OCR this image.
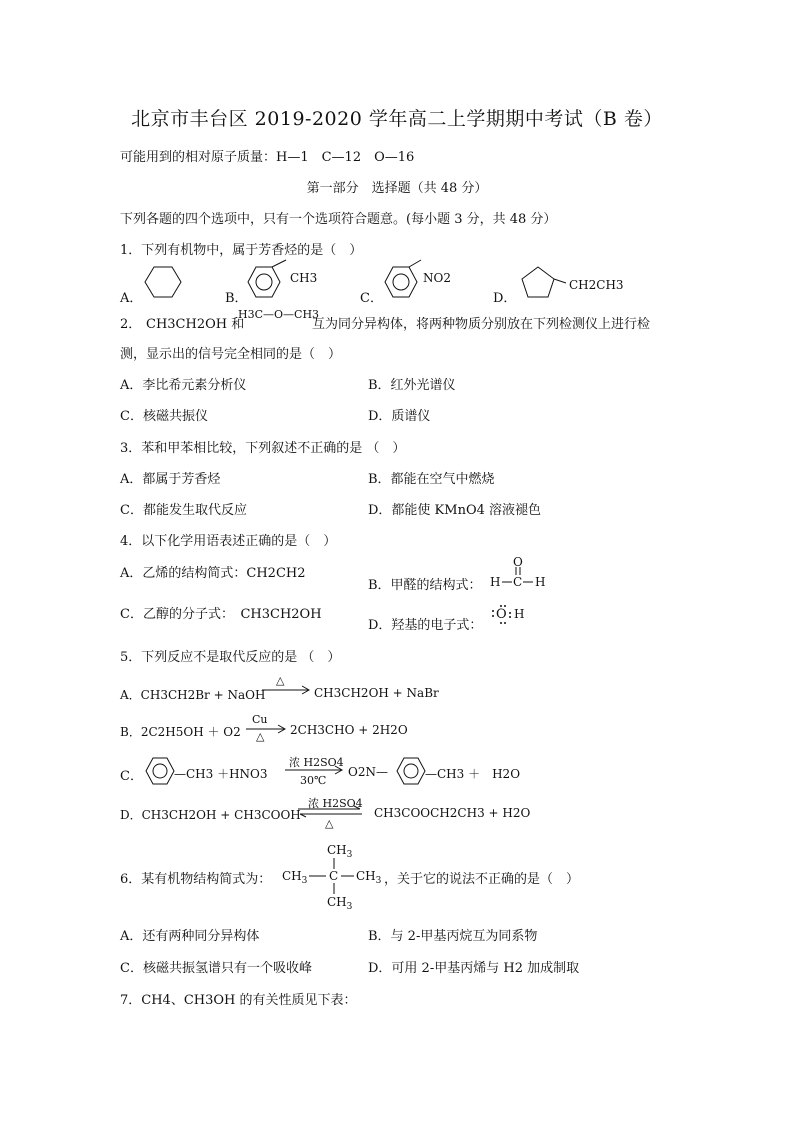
北京市丰台区 2019-2020 学年高二上学期期中考试（B 卷）
可能用到的相对原子质量：H—1　C—12　O—16
第一部分　选择题（共 48 分）
下列各题的四个选项中，只有一个选项符合题意。(每小题 3 分，共 48 分）
1．下列有机物中，属于芳香烃的是（　）
A．	B．
CH3
C．
NO2
D．
CH2CH3
2． CH3CH2OH 和
H3C—O—CH3
互为同分异构体，将两种物质分别放在下列检测仪上进行检
测，显示出的信号完全相同的是（　）
A．李比希元素分析仪	B．红外光谱仪
C．核磁共振仪	D．质谱仪
3．苯和甲苯相比较，下列叙述不正确的是 （　）
A．都属于芳香烃	B．都能在空气中燃烧
C．都能发生取代反应	D．都能使 KMnO4 溶液褪色
4．以下化学用语表述正确的是（　）
A．乙烯的结构简式：CH2CH2
B．甲醛的结构式： H C H
O
C．乙醇的分子式：　CH3CH2OH
D．羟基的电子式：
O H
5．下列反应不是取代反应的是 （　）
A．CH3CH2Br + NaOH
△
CH3CH2OH + NaBr
B．2C2H5OH ＋ O2
Cu
△ 2CH3CHO + 2H2O
C．	—CH3 ＋HNO3
浓 H2SO4
30℃
O2N—	—CH3 ＋　H2O
D．CH3CH2OH + CH3COOH
浓 H2SO4
△
CH3COOCH2CH3 + H2O
6．某有机物结构简式为：
$CH_3$
$CH_3$ C $CH_3$
$CH_3$
，关于它的说法不正确的是（　）
A．还有两种同分异构体	B．与 2-甲基丙烷互为同系物
C．核磁共振氢谱只有一个吸收峰	D．可用 2-甲基丙烯与 H2 加成制取
7．CH4、CH3OH 的有关性质见下表：
